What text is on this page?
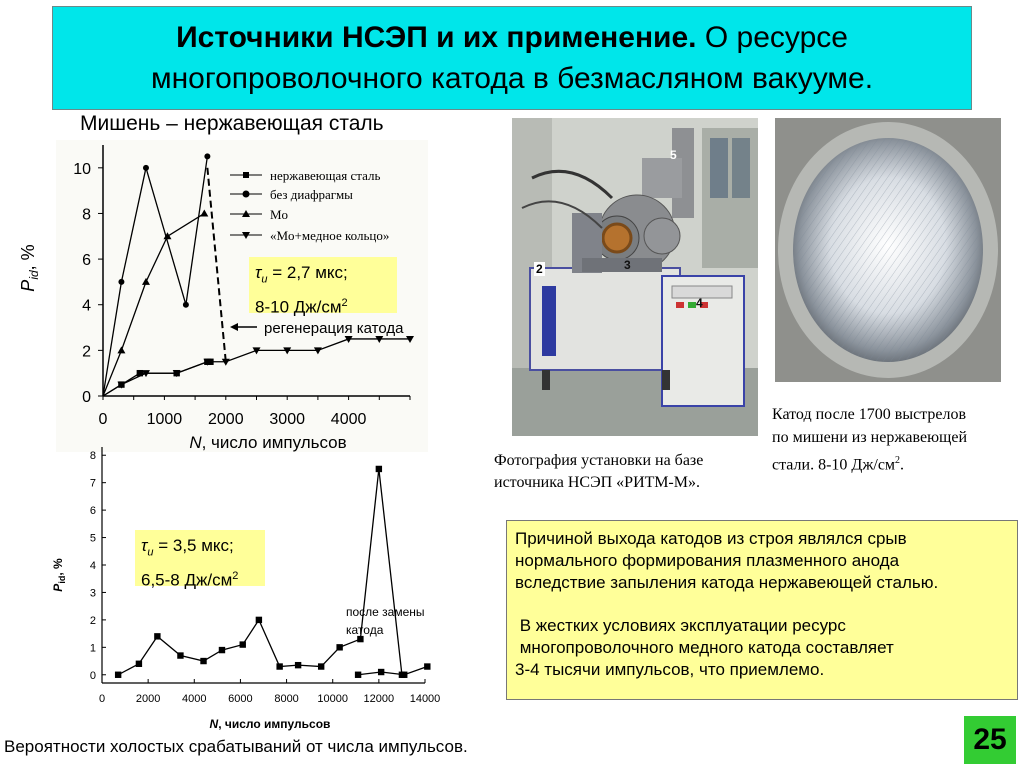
Источники НСЭП и их применение. О ресурсе
многопроволочного катода в безмасляном вакууме.
Мишень – нержавеющая сталь
0
2
4
6
8
10
0 1000 2000 3000 4000
$P_{id}$, %
N, число импульсов
нержавеющая сталь
без диафрагмы
Mo
«Mo+медное кольцо»
регенерация катода
$\tau_и = 2,7$ мкс;
8-10 $Дж/см^2$
0
1
2
3
4
5
6
7
8
0	2000 4000 6000 8000 10000 12000 14000
$P_{id}$, %
N, число импульсов
после замены
катода
$\tau_и = 3,5$ мкс;
6,5-8 $Дж/см^2$
5
2	3
4
Фотография установки на базе источника НСЭП «РИТМ-М».
Катод после 1700 выстрелов
по мишени из нержавеющей
стали. 8-10 $Дж/см^2$.

Причиной выхода катодов из строя являлся срыв

нормального формирования плазменного анода

вследствие запыления катода нержавеющей сталью.

В жестких условиях эксплуатации ресурс

многопроволочного медного катода составляет

3-4 тысячи импульсов, что приемлемо.

Вероятности холостых срабатываний от числа импульсов.	25
